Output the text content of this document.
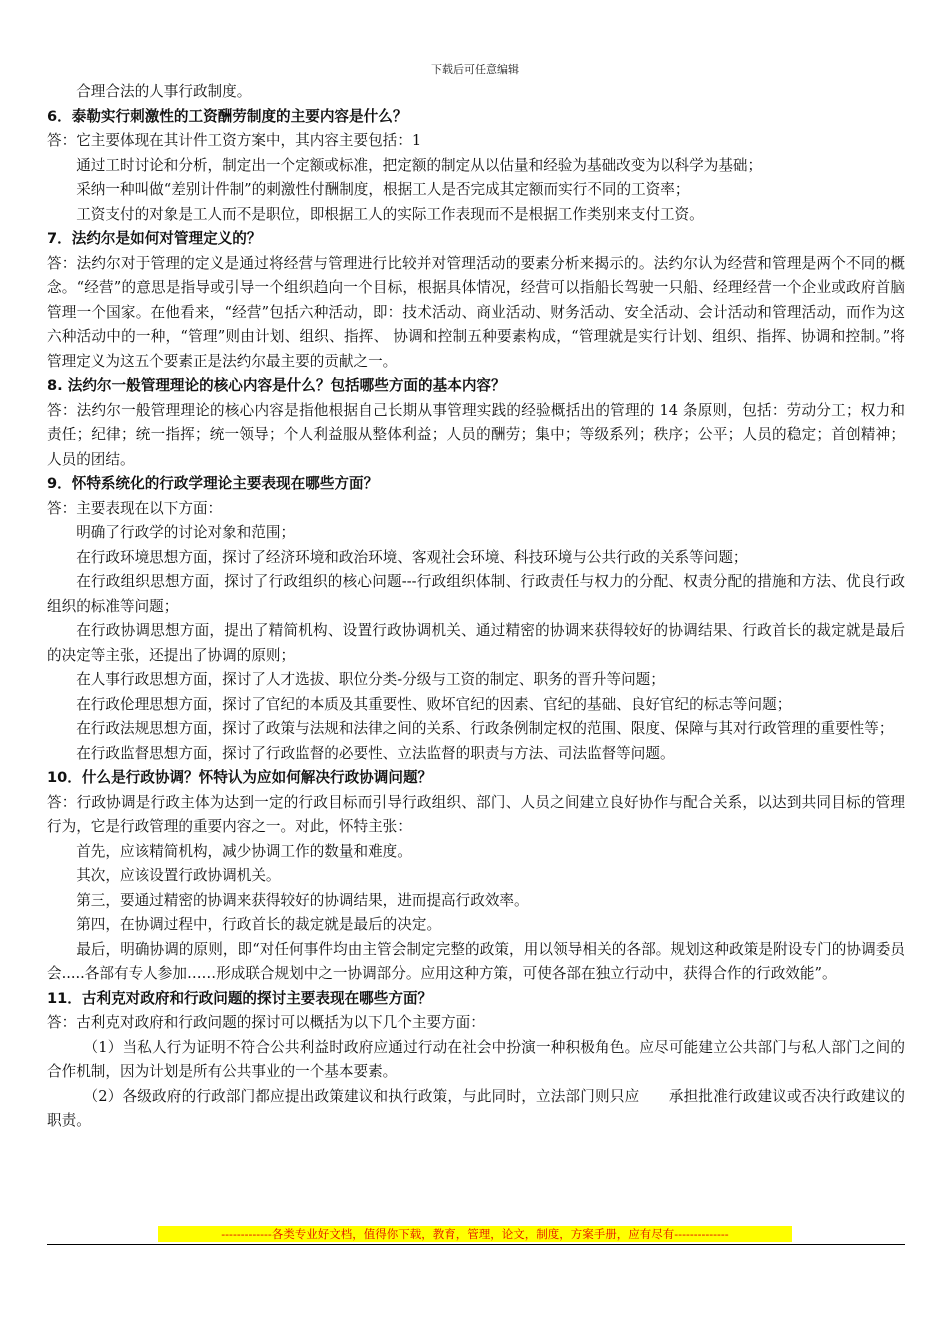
下载后可任意编辑

合理合法的人事行政制度。

6．泰勒实行刺激性的工资酬劳制度的主要内容是什么？

答：它主要体现在其计件工资方案中，其内容主要包括：1

通过工时讨论和分析，制定出一个定额或标准，把定额的制定从以估量和经验为基础改变为以科学为基础；

采纳一种叫做“差别计件制”的刺激性付酬制度，根据工人是否完成其定额而实行不同的工资率；

工资支付的对象是工人而不是职位，即根据工人的实际工作表现而不是根据工作类别来支付工资。

7．法约尔是如何对管理定义的？

答：法约尔对于管理的定义是通过将经营与管理进行比较并对管理活动的要素分析来揭示的。法约尔认为经营和管理是两个不同的概念。“经营”的意思是指导或引导一个组织趋向一个目标，根据具体情况，经营可以指船长驾驶一只船、经理经营一个企业或政府首脑管理一个国家。在他看来，“经营”包括六种活动，即：技术活动、商业活动、财务活动、安全活动、会计活动和管理活动，而作为这六种活动中的一种，“管理”则由计划、组织、指挥、 协调和控制五种要素构成，“管理就是实行计划、组织、指挥、协调和控制。”将管理定义为这五个要素正是法约尔最主要的贡献之一。

8. 法约尔一般管理理论的核心内容是什么？包括哪些方面的基本内容？

答：法约尔一般管理理论的核心内容是指他根据自己长期从事管理实践的经验概括出的管理的 14 条原则，包括：劳动分工；权力和责任；纪律；统一指挥；统一领导；个人利益服从整体利益；人员的酬劳；集中；等级系列；秩序；公平；人员的稳定；首创精神；人员的团结。

9．怀特系统化的行政学理论主要表现在哪些方面？

答：主要表现在以下方面：

明确了行政学的讨论对象和范围；

在行政环境思想方面，探讨了经济环境和政治环境、客观社会环境、科技环境与公共行政的关系等问题；

在行政组织思想方面，探讨了行政组织的核心问题---行政组织体制、行政责任与权力的分配、权责分配的措施和方法、优良行政组织的标准等问题；

在行政协调思想方面，提出了精简机构、设置行政协调机关、通过精密的协调来获得较好的协调结果、行政首长的裁定就是最后的决定等主张，还提出了协调的原则；

在人事行政思想方面，探讨了人才选拔、职位分类-分级与工资的制定、职务的晋升等问题；

在行政伦理思想方面，探讨了官纪的本质及其重要性、败坏官纪的因素、官纪的基础、良好官纪的标志等问题；

在行政法规思想方面，探讨了政策与法规和法律之间的关系、行政条例制定权的范围、限度、保障与其对行政管理的重要性等；

在行政监督思想方面，探讨了行政监督的必要性、立法监督的职责与方法、司法监督等问题。

10．什么是行政协调？怀特认为应如何解决行政协调问题？

答：行政协调是行政主体为达到一定的行政目标而引导行政组织、部门、人员之间建立良好协作与配合关系，以达到共同目标的管理行为，它是行政管理的重要内容之一。对此，怀特主张：

首先，应该精简机构，减少协调工作的数量和难度。

其次，应该设置行政协调机关。

第三，要通过精密的协调来获得较好的协调结果，进而提高行政效率。

第四，在协调过程中，行政首长的裁定就是最后的决定。

最后，明确协调的原则，即“对任何事件均由主管会制定完整的政策，用以领导相关的各部。规划这种政策是附设专门的协调委员会.....各部有专人参加……形成联合规划中之一协调部分。应用这种方策，可使各部在独立行动中，获得合作的行政效能”。

11．古利克对政府和行政问题的探讨主要表现在哪些方面？

答：古利克对政府和行政问题的探讨可以概括为以下几个主要方面：

（1）当私人行为证明不符合公共利益时政府应通过行动在社会中扮演一种积极角色。应尽可能建立公共部门与私人部门之间的合作机制，因为计划是所有公共事业的一个基本要素。

（2）各级政府的行政部门都应提出政策建议和执行政策，与此同时，立法部门则只应　　承担批准行政建议或否决行政建议的职责。

-------------各类专业好文档，值得你下载，教育，管理，论文，制度，方案手册，应有尽有--------------
